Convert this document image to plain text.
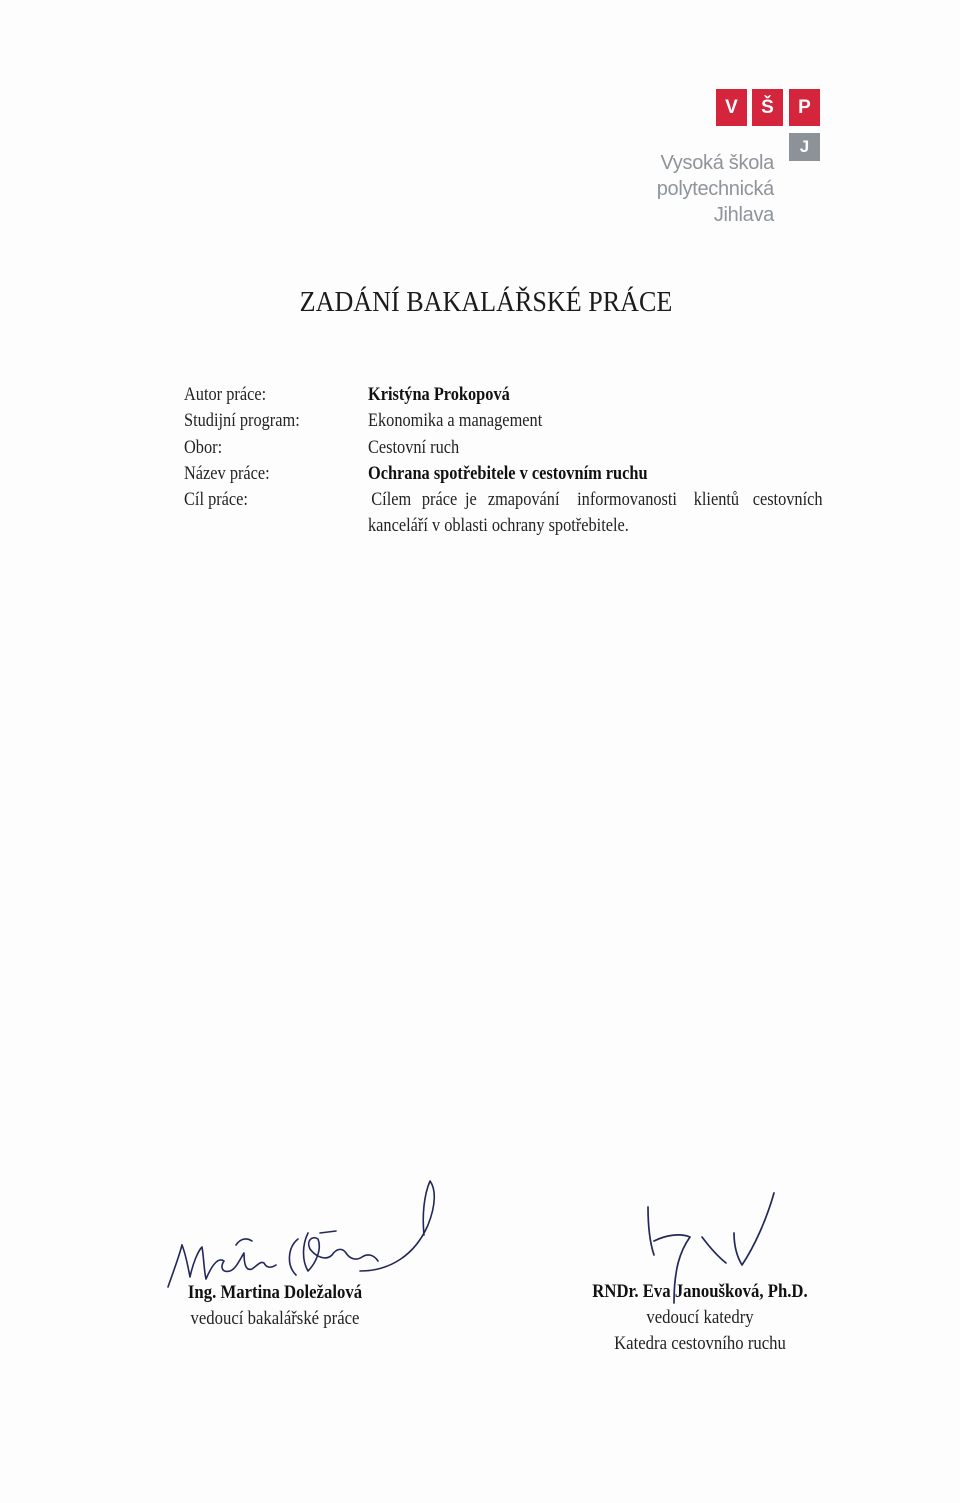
V	Š	P
J
Vysoká škola
polytechnická
Jihlava
ZADÁNÍ BAKALÁŘSKÉ PRÁCE
Autor práce:
Studijní program:
Obor:
Název práce:
Cíl práce:
Kristýna Prokopová
Ekonomika a management
Cestovní ruch
Ochrana spotřebitele v cestovním ruchu
Cílem práce je zmapování informovanosti klientů cestovních
kanceláří v oblasti ochrany spotřebitele.
Ing. Martina Doležalová
vedoucí bakalářské práce
RNDr. Eva Janoušková, Ph.D.
vedoucí katedry
Katedra cestovního ruchu
